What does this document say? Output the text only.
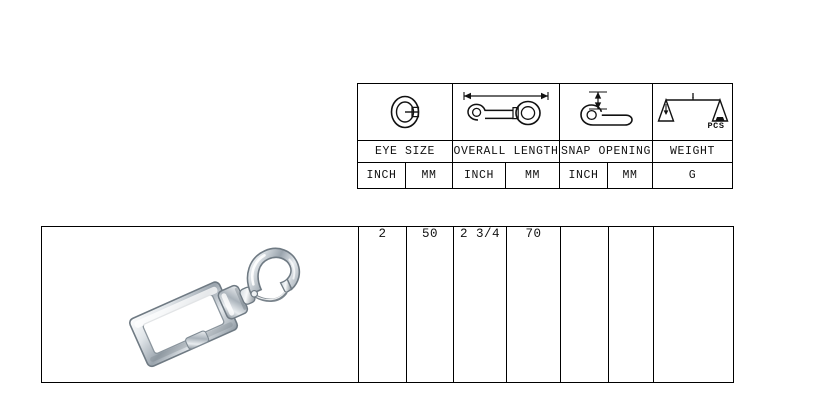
PCS

EYE SIZE		OVERALL LENGTH		SNAP OPENING		WEIGHT
INCH	MM	INCH	MM	INCH	MM	G
	2	50	2 3/4	70			
